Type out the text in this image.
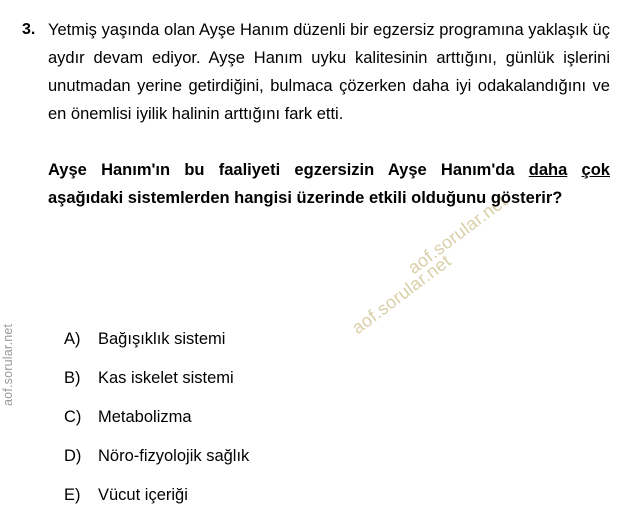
aof.sorular.net
aof.sorular.net
aof.sorular.net
3. Yetmiş yaşında olan Ayşe Hanım düzenli bir egzersiz programına yaklaşık üç aydır devam ediyor. Ayşe Hanım uyku kalitesinin arttığını, günlük işlerini unutmadan yerine getirdiğini, bulmaca çözerken daha iyi odakalandığını ve en önemlisi iyilik halinin arttığını fark etti.

Ayşe Hanım'ın bu faaliyeti egzersizin Ayşe Hanım'da daha çok aşağıdaki sistemlerden hangisi üzerinde etkili olduğunu gösterir?

A)	Bağışıklık sistemi
B)	Kas iskelet sistemi
C)	Metabolizma
D)	Nöro-fizyolojik sağlık
E)	Vücut içeriği
